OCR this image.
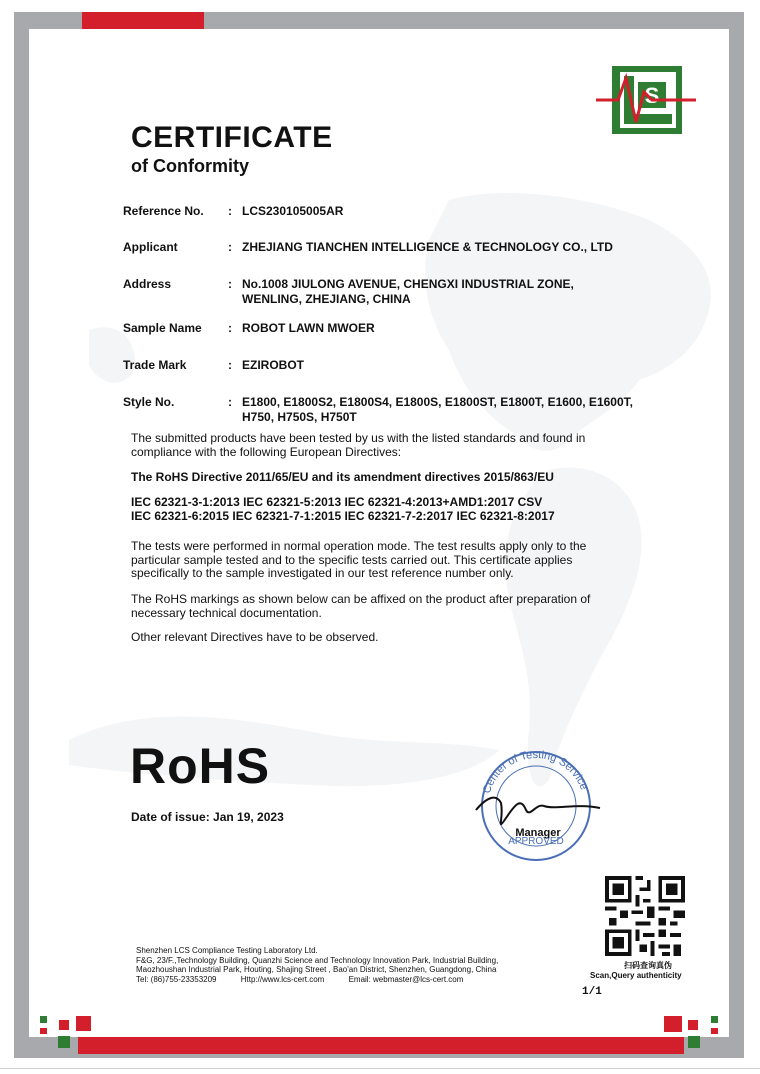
S
CERTIFICATE
of Conformity
Reference No.	: LCS230105005AR
Applicant	: ZHEJIANG TIANCHEN INTELLIGENCE & TECHNOLOGY CO., LTD
Address	: No.1008 JIULONG AVENUE, CHENGXI INDUSTRIAL ZONE,
WENLING, ZHEJIANG, CHINA
Sample Name	: ROBOT LAWN MWOER
Trade Mark	: EZIROBOT
Style No.	: E1800, E1800S2, E1800S4, E1800S, E1800ST, E1800T, E1600, E1600T,
H750, H750S, H750T

The submitted products have been tested by us with the listed standards and found in
compliance with the following European Directives:

The RoHS Directive 2011/65/EU and its amendment directives 2015/863/EU

IEC 62321-3-1:2013 IEC 62321-5:2013 IEC 62321-4:2013+AMD1:2017 CSV
IEC 62321-6:2015 IEC 62321-7-1:2015 IEC 62321-7-2:2017 IEC 62321-8:2017

The tests were performed in normal operation mode. The test results apply only to the
particular sample tested and to the specific tests carried out. This certificate applies
specifically to the sample investigated in our test reference number only.

The RoHS markings as shown below can be affixed on the product after preparation of
necessary technical documentation.

Other relevant Directives have to be observed.

RoHS
Date of issue: Jan 19, 2023
Center of Testing Service
APPROVED
Manager
扫码查询真伪
Scan,Query authenticity
1/1
Shenzhen LCS Compliance Testing Laboratory Ltd.
F&G, 23/F.,Technology Building, Quanzhi Science and Technology Innovation Park, Industrial Building,
Maozhoushan Industrial Park, Houting, Shajing Street , Bao'an District, Shenzhen, Guangdong, China
Tel: (86)755-23353209	Http://www.lcs-cert.com	Email: webmaster@lcs-cert.com
